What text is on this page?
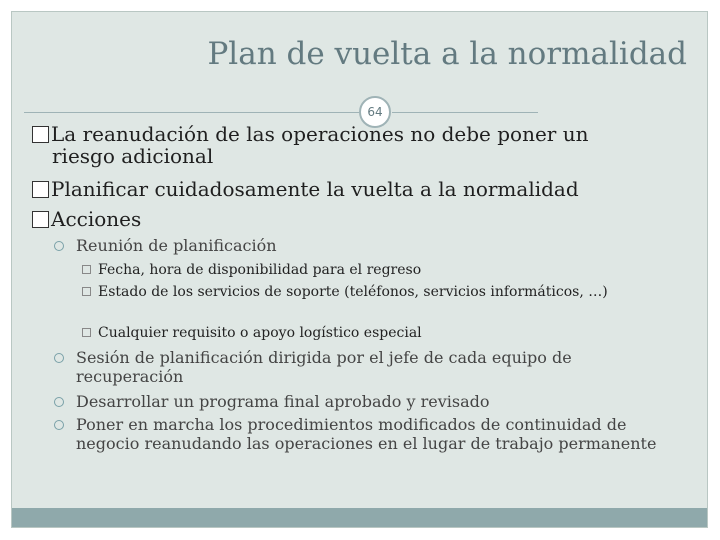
Plan de vuelta a la normalidad
64
La reanudación de las operaciones no debe poner un
riesgo adicional
Planificar cuidadosamente la vuelta a la normalidad
Acciones
Reunión de planificación
Fecha, hora de disponibilidad para el regreso
Estado de los servicios de soporte (teléfonos, servicios informáticos, …)
Cualquier requisito o apoyo logístico especial
Sesión de planificación dirigida por el jefe de cada equipo de recuperación
Desarrollar un programa final aprobado y revisado
Poner en marcha los procedimientos modificados de continuidad de negocio reanudando las operaciones en el lugar de trabajo permanente
